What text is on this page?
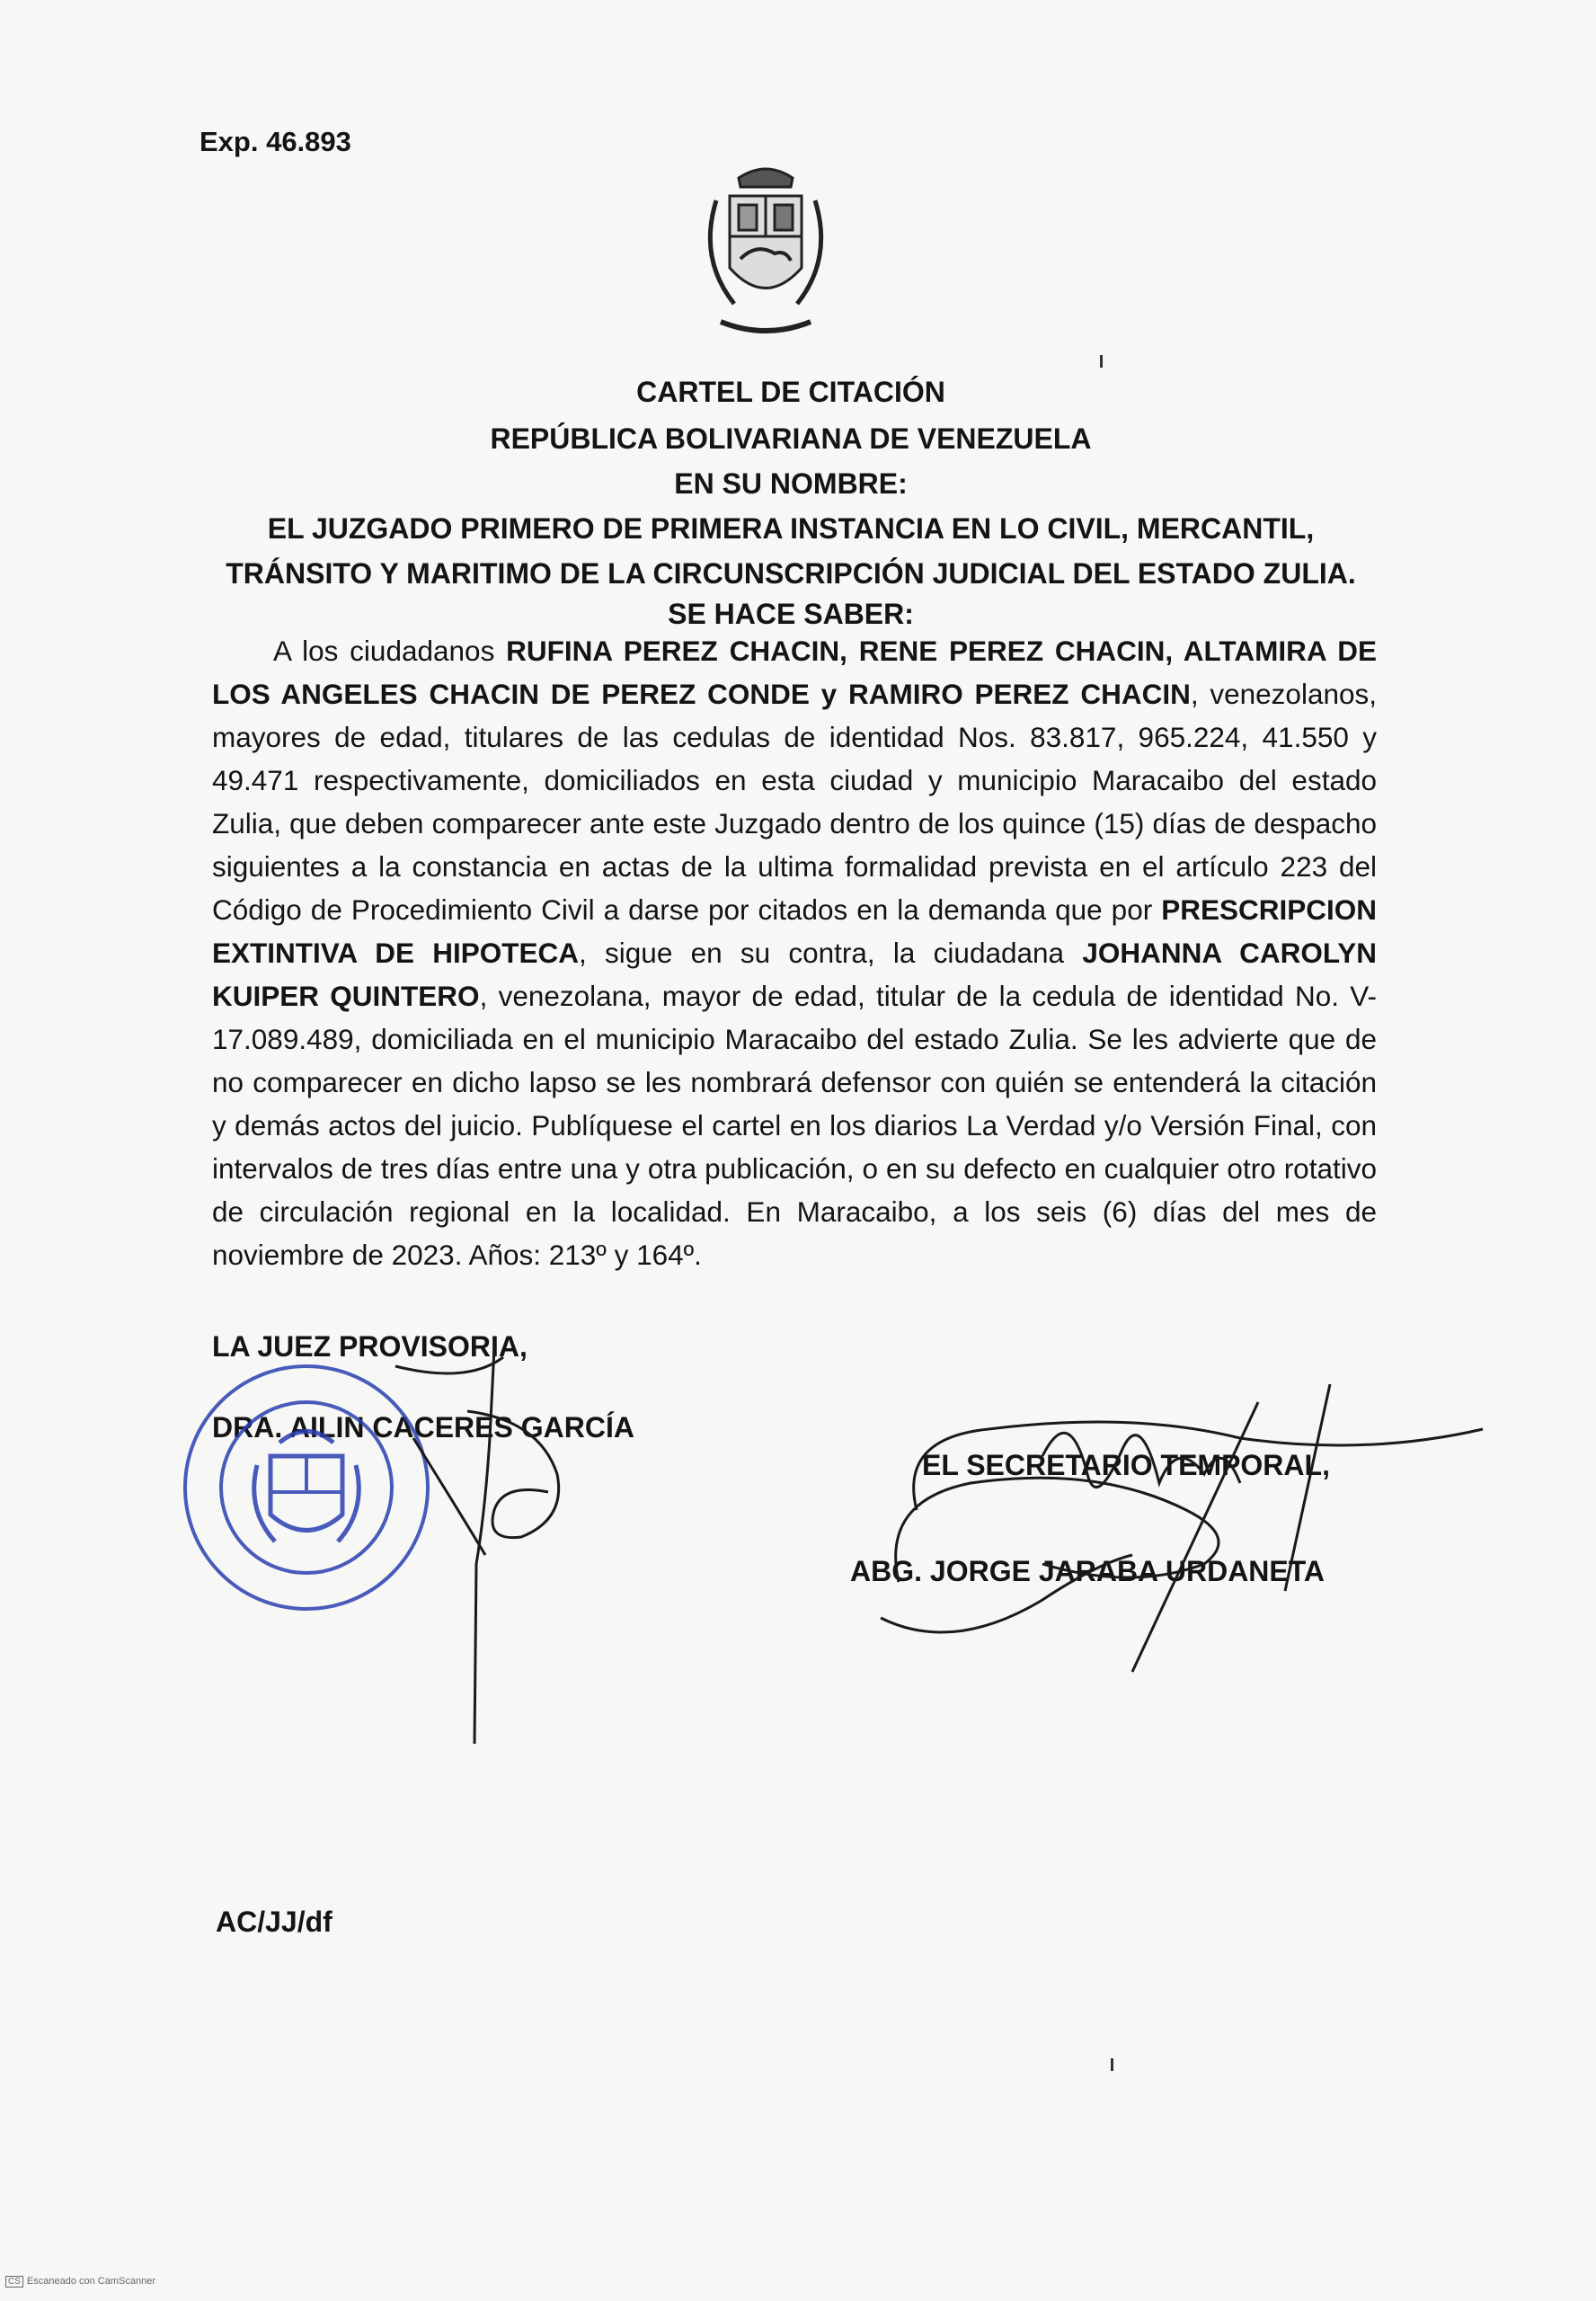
Exp. 46.893
CARTEL DE CITACIÓN
REPÚBLICA BOLIVARIANA DE VENEZUELA
EN SU NOMBRE:
EL JUZGADO PRIMERO DE PRIMERA INSTANCIA EN LO CIVIL, MERCANTIL,
TRÁNSITO Y MARITIMO DE LA CIRCUNSCRIPCIÓN JUDICIAL DEL ESTADO ZULIA.
SE HACE SABER:

A los ciudadanos RUFINA PEREZ CHACIN, RENE PEREZ CHACIN, ALTAMIRA DE LOS ANGELES CHACIN DE PEREZ CONDE y RAMIRO PEREZ CHACIN, venezolanos, mayores de edad, titulares de las cedulas de identidad Nos. 83.817, 965.224, 41.550 y 49.471 respectivamente, domiciliados en esta ciudad y municipio Maracaibo del estado Zulia, que deben comparecer ante este Juzgado dentro de los quince (15) días de despacho siguientes a la constancia en actas de la ultima formalidad prevista en el artículo 223 del Código de Procedimiento Civil a darse por citados en la demanda que por PRESCRIPCION EXTINTIVA DE HIPOTECA, sigue en su contra, la ciudadana JOHANNA CAROLYN KUIPER QUINTERO, venezolana, mayor de edad, titular de la cedula de identidad No. V- 17.089.489, domiciliada en el municipio Maracaibo del estado Zulia. Se les advierte que de no comparecer en dicho lapso se les nombrará defensor con quién se entenderá la citación y demás actos del juicio. Publíquese el cartel en los diarios La Verdad y/o Versión Final, con intervalos de tres días entre una y otra publicación, o en su defecto en cualquier otro rotativo de circulación regional en la localidad. En Maracaibo, a los seis (6) días del mes de noviembre de 2023. Años: 213º y 164º.

LA JUEZ PROVISORIA,
DRA. AILIN CACERES GARCÍA
EL SECRETARIO TEMPORAL,
ABG. JORGE JARABA URDANETA
AC/JJ/df
CS Escaneado con CamScanner
